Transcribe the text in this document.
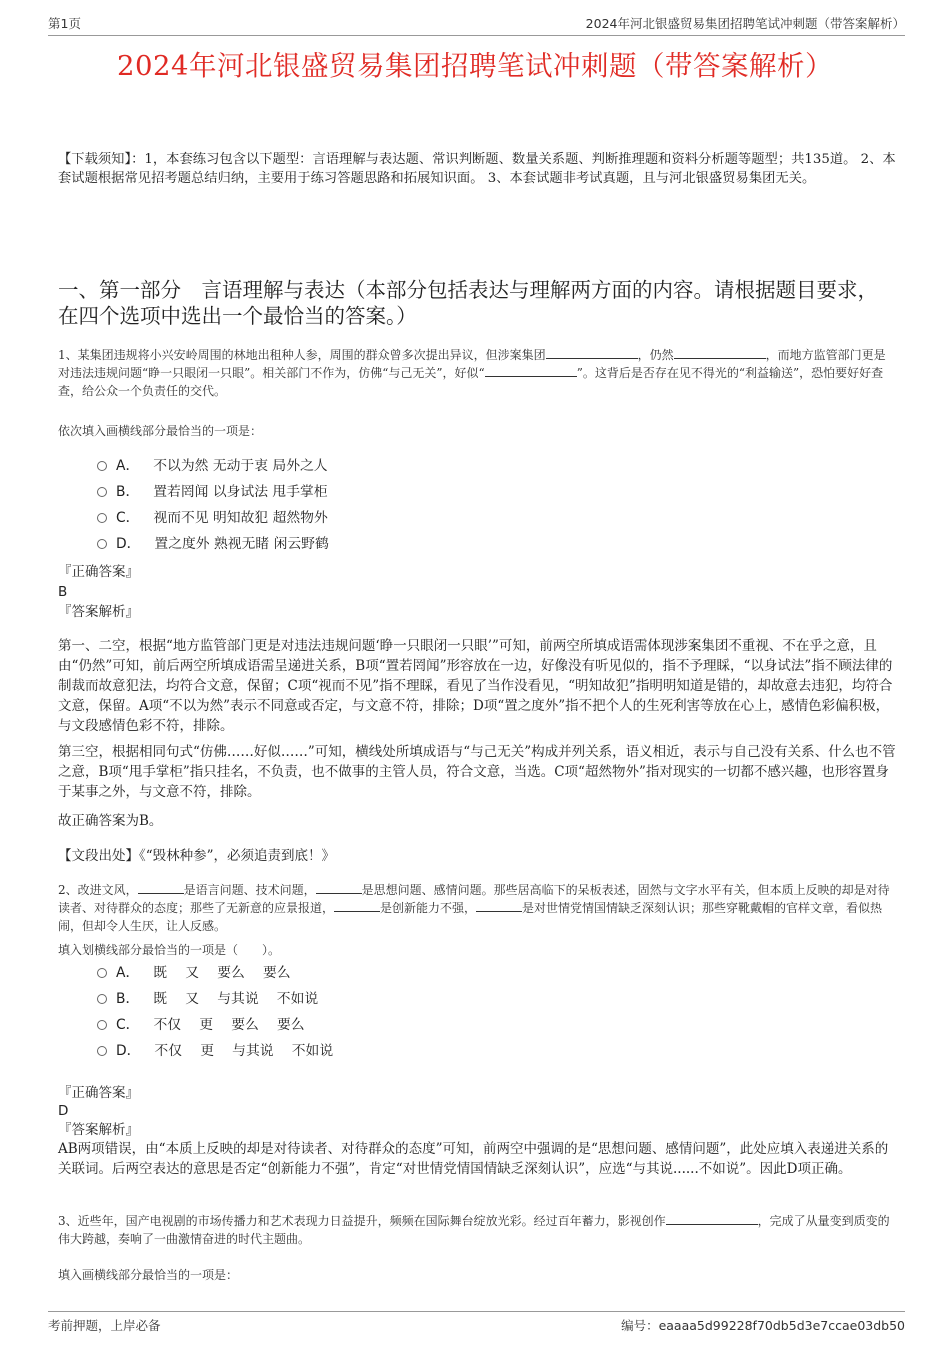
第1页	2024年河北银盛贸易集团招聘笔试冲刺题（带答案解析）
2024年河北银盛贸易集团招聘笔试冲刺题（带答案解析）
【下载须知】：1，本套练习包含以下题型：言语理解与表达题、常识判断题、数量关系题、判断推理题和资料分析题等题型；共135道。 2、本套试题根据常见招考题总结归纳，主要用于练习答题思路和拓展知识面。 3、本套试题非考试真题，且与河北银盛贸易集团无关。
一、第一部分　言语理解与表达（本部分包括表达与理解两方面的内容。请根据题目要求，在四个选项中选出一个最恰当的答案。）
1、某集团违规将小兴安岭周围的林地出租种人参，周围的群众曾多次提出异议，但涉案集团	，仍然	，而地方监管部门更是对违法违规问题“睁一只眼闭一只眼”。相关部门不作为，仿佛“与己无关”，好似“	”。这背后是否存在见不得光的“利益输送”，恐怕要好好查查，给公众一个负责任的交代。
依次填入画横线部分最恰当的一项是：
A． 不以为然 无动于衷 局外之人
B． 置若罔闻 以身试法 甩手掌柜
C． 视而不见 明知故犯 超然物外
D． 置之度外 熟视无睹 闲云野鹤
『正确答案』
B
『答案解析』
第一、二空，根据“地方监管部门更是对违法违规问题‘睁一只眼闭一只眼’”可知，前两空所填成语需体现涉案集团不重视、不在乎之意，且由“仍然”可知，前后两空所填成语需呈递进关系，B项“置若罔闻”形容放在一边，好像没有听见似的，指不予理睬，“以身试法”指不顾法律的制裁而故意犯法，均符合文意，保留；C项“视而不见”指不理睬，看见了当作没看见，“明知故犯”指明明知道是错的，却故意去违犯，均符合文意，保留。A项“不以为然”表示不同意或否定，与文意不符，排除；D项“置之度外”指不把个人的生死利害等放在心上，感情色彩偏积极，与文段感情色彩不符，排除。
第三空，根据相同句式“仿佛……好似……”可知，横线处所填成语与“与己无关”构成并列关系，语义相近，表示与自己没有关系、什么也不管之意，B项“甩手掌柜”指只挂名，不负责，也不做事的主管人员，符合文意，当选。C项“超然物外”指对现实的一切都不感兴趣，也形容置身于某事之外，与文意不符，排除。
故正确答案为B。
【文段出处】《“毁林种参”，必须追责到底！》
2、改进文风，	是语言问题、技术问题，	是思想问题、感情问题。那些居高临下的呆板表述，固然与文字水平有关，但本质上反映的却是对待读者、对待群众的态度；那些了无新意的应景报道，	是创新能力不强，	是对世情党情国情缺乏深刻认识；那些穿靴戴帽的官样文章，看似热闹，但却令人生厌，让人反感。
填入划横线部分最恰当的一项是（　　）。
A． 既　 又　 要么　 要么
B． 既　 又　 与其说　 不如说
C． 不仅　 更　 要么　 要么
D． 不仅　 更　 与其说　 不如说
『正确答案』
D
『答案解析』
AB两项错误，由“本质上反映的却是对待读者、对待群众的态度”可知，前两空中强调的是“思想问题、感情问题”，此处应填入表递进关系的关联词。后两空表达的意思是否定“创新能力不强”，肯定“对世情党情国情缺乏深刻认识”，应选“与其说......不如说”。因此D项正确。
3、近些年，国产电视剧的市场传播力和艺术表现力日益提升，频频在国际舞台绽放光彩。经过百年蓄力，影视创作	，完成了从量变到质变的伟大跨越，奏响了一曲激情奋进的时代主题曲。
填入画横线部分最恰当的一项是：
考前押题，上岸必备	编号：eaaaa5d99228f70db5d3e7ccae03db50
